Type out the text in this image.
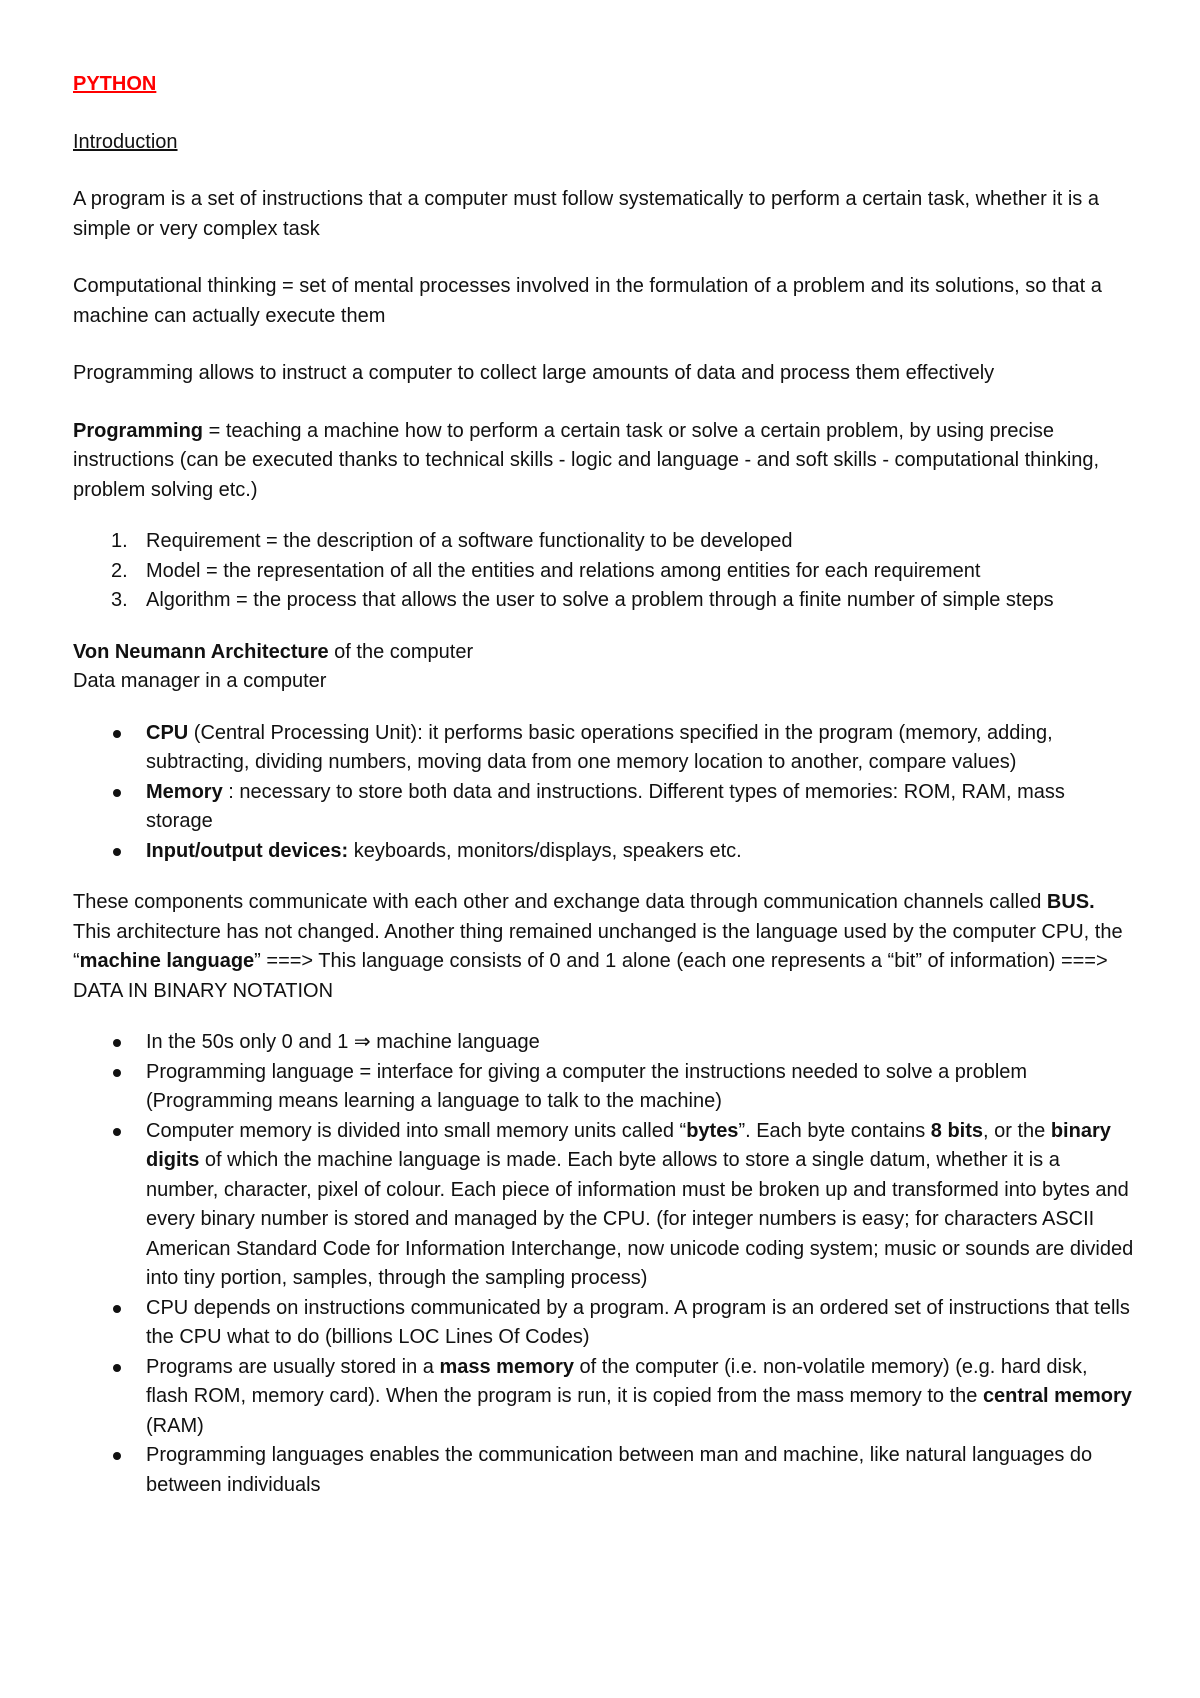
PYTHON

Introduction

A program is a set of instructions that a computer must follow systematically to perform a certain task, whether it is a simple or very complex task

Computational thinking = set of mental processes involved in the formulation of a problem and its solutions, so that a machine can actually execute them

Programming allows to instruct a computer to collect large amounts of data and process them effectively

Programming = teaching a machine how to perform a certain task or solve a certain problem, by using precise instructions (can be executed thanks to technical skills - logic and language - and soft skills - computational thinking, problem solving etc.)

1. Requirement = the description of a software functionality to be developed
2. Model = the representation of all the entities and relations among entities for each requirement
3. Algorithm = the process that allows the user to solve a problem through a finite number of simple steps

Von Neumann Architecture of the computer

Data manager in a computer

CPU (Central Processing Unit): it performs basic operations specified in the program (memory, adding, subtracting, dividing numbers, moving data from one memory location to another, compare values)
Memory : necessary to store both data and instructions. Different types of memories: ROM, RAM, mass storage
Input/output devices: keyboards, monitors/displays, speakers etc.

These components communicate with each other and exchange data through communication channels called BUS. This architecture has not changed. Another thing remained unchanged is the language used by the computer CPU, the “machine language” ===> This language consists of 0 and 1 alone (each one represents a “bit” of information) ===> DATA IN BINARY NOTATION

In the 50s only 0 and 1 ⇒ machine language
Programming language = interface for giving a computer the instructions needed to solve a problem (Programming means learning a language to talk to the machine)
Computer memory is divided into small memory units called “bytes”. Each byte contains 8 bits, or the binary digits of which the machine language is made. Each byte allows to store a single datum, whether it is a number, character, pixel of colour. Each piece of information must be broken up and transformed into bytes and every binary number is stored and managed by the CPU. (for integer numbers is easy; for characters ASCII American Standard Code for Information Interchange, now unicode coding system; music or sounds are divided into tiny portion, samples, through the sampling process)
CPU depends on instructions communicated by a program. A program is an ordered set of instructions that tells the CPU what to do (billions LOC Lines Of Codes)
Programs are usually stored in a mass memory of the computer (i.e. non-volatile memory) (e.g. hard disk, flash ROM, memory card). When the program is run, it is copied from the mass memory to the central memory (RAM)
Programming languages enables the communication between man and machine, like natural languages do between individuals
